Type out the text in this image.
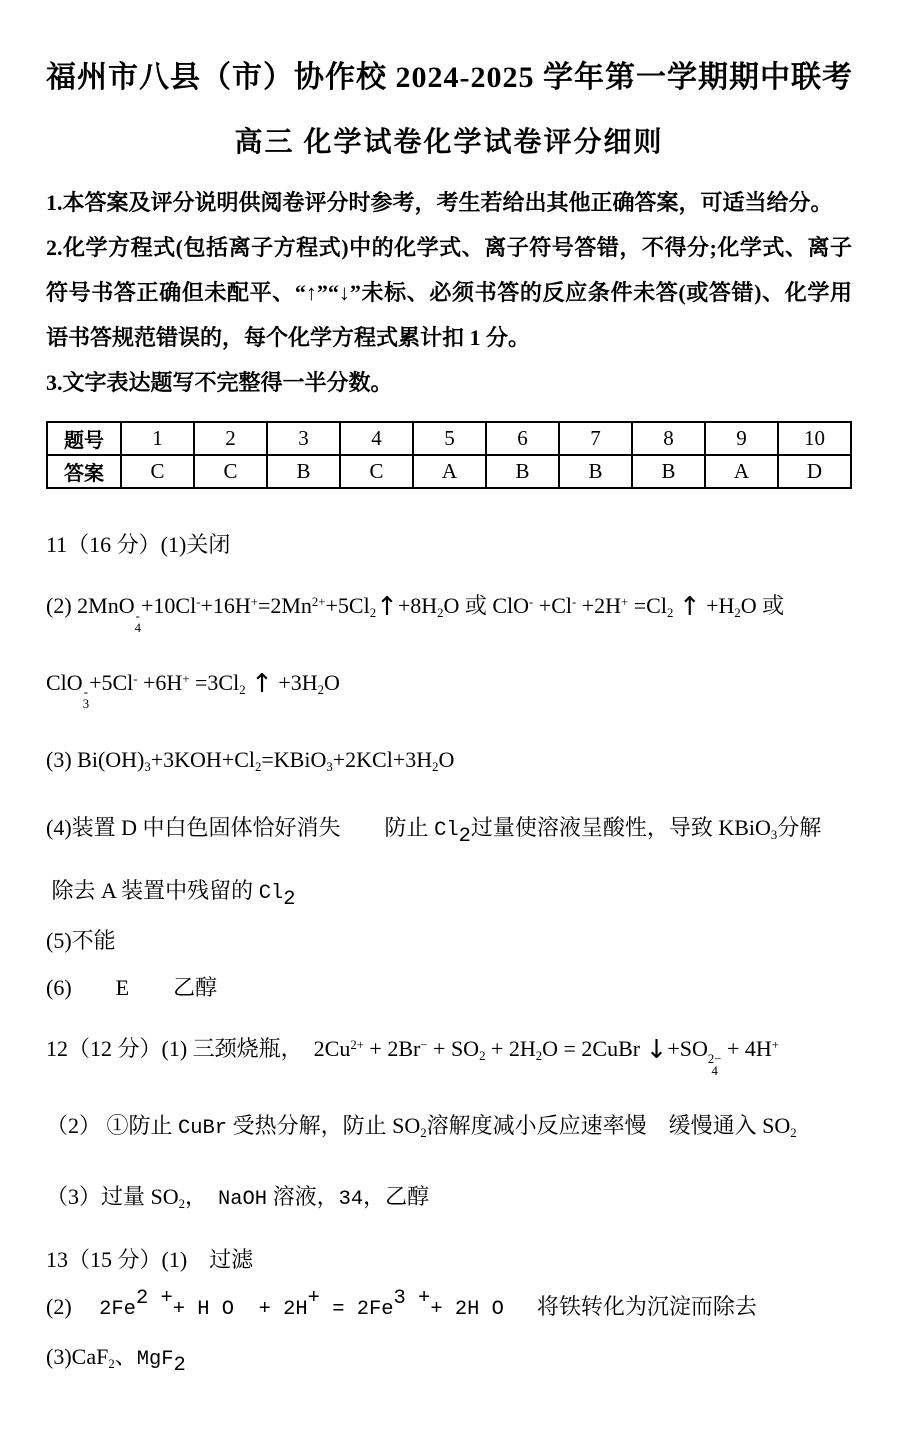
福州市八县（市）协作校 2024-2025 学年第一学期期中联考
高三 化学试卷化学试卷评分细则

1.本答案及评分说明供阅卷评分时参考，考生若给出其他正确答案，可适当给分。

2.化学方程式(包括离子方程式)中的化学式、离子符号答错，不得分;化学式、离子符号书答正确但未配平、“↑”“↓”未标、必须书答的反应条件未答(或答错)、化学用语书答规范错误的，每个化学方程式累计扣 1 分。

3.文字表达题写不完整得一半分数。

题号	1	2	3	4	5	6	7	8	9	10
答案	C	C	B	C	A	B	B	B	A	D
11（16 分）(1)关闭
(2) 2MnO -
4
$+10Cl^-+16H^+=2Mn^{2+}+5Cl_2↑+8H_2O$ 或 $ClO^- +Cl^- +2H^+ =Cl_2$ ↑ $+H_2O$ 或
ClO -
3
$+5Cl^- +6H^+ =3Cl_2$ ↑ $+3H_2O$
(3) $Bi(OH)_3+3KOH+Cl_2=KBiO_3+2KCl+3H_2O$
(4)装置 D 中白色固体恰好消失 防止 $Cl_2$过量使溶液呈酸性，导致 KBiO$_3$分解
除去 A 装置中残留的 $Cl_2$
(5)不能
(6) E 乙醇
12（12 分）(1) 三颈烧瓶，  $2Cu^{2+} + 2Br^- + SO_2 + 2H_2O$ = 2CuBr ↓+SO 2−
4
+ 4H+
（2） ①防止 CuBr 受热分解，防止 $SO_2$溶解度减小反应速率慢 缓慢通入 $SO_2$
（3）过量 $SO_2$，  NaOH 溶液，34，乙醇
13（15 分）(1) 过滤
(2) $2Fe^{2 +}+ H$ $O + 2H^+ = 2Fe^{3 +}+ 2H$ O      将铁转化为沉淀而除去
(3)CaF$_2$、MgF$_2$
